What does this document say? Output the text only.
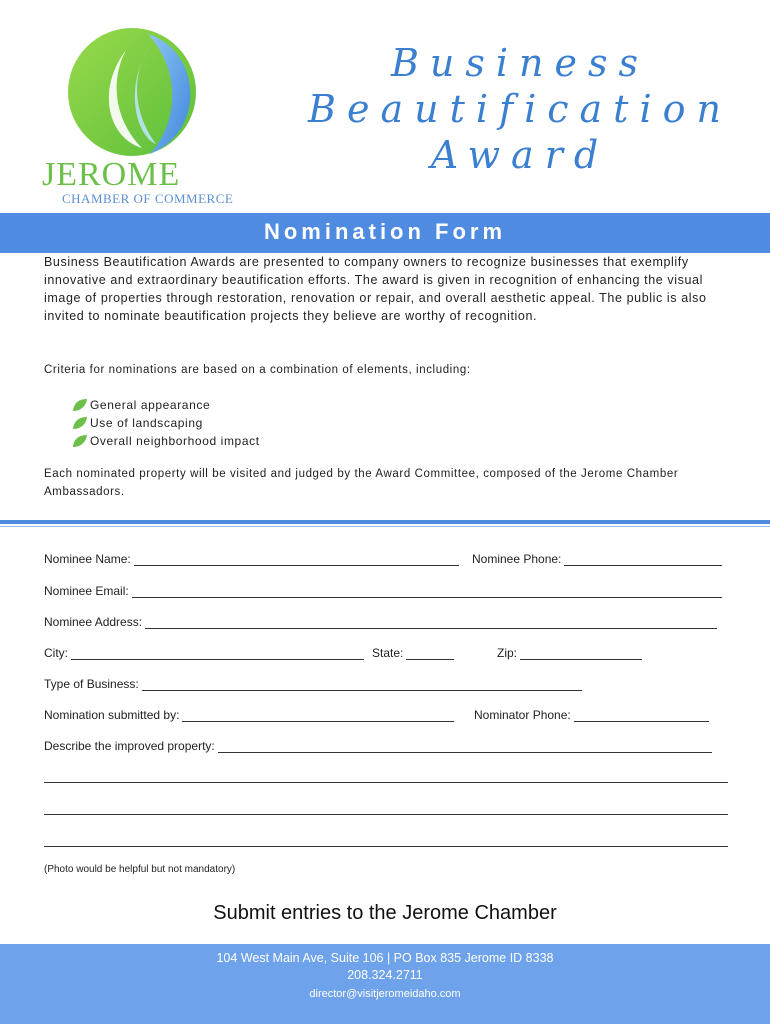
JEROME
CHAMBER OF COMMERCE
Business
Beautification
Award
Nomination Form

Business Beautification Awards are presented to company owners to recognize businesses that exemplify innovative and extraordinary beautification efforts. The award is given in recognition of enhancing the visual image of properties through restoration, renovation or repair, and overall aesthetic appeal. The public is also invited to nominate beautification projects they believe are worthy of recognition.

Criteria for nominations are based on a combination of elements, including:

General appearance
Use of landscaping
Overall neighborhood impact

Each nominated property will be visited and judged by the Award Committee, composed of the Jerome Chamber Ambassadors.

Nominee Name:	Nominee Phone:
Nominee Email:
Nominee Address:
City:	State:	Zip:
Type of Business:
Nomination submitted by:	Nominator Phone:
Describe the improved property:
(Photo would be helpful but not mandatory)
Submit entries to the Jerome Chamber
104 West Main Ave, Suite 106 | PO Box 835 Jerome ID 8338
208.324.2711
director@visitjeromeidaho.com
